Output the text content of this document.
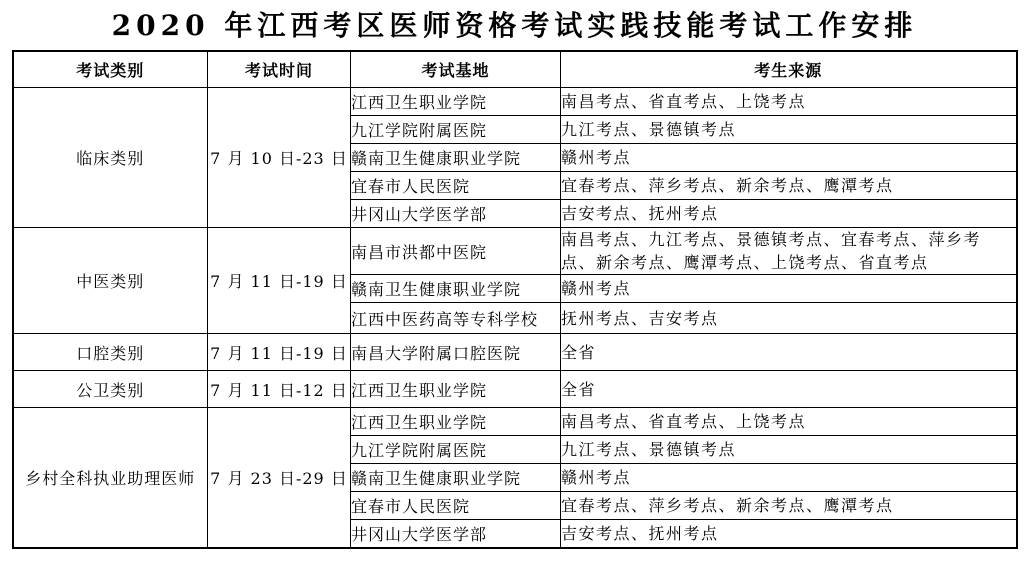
2020 年江西考区医师资格考试实践技能考试工作安排
考试类别	考试时间	考试基地	考生来源
临床类别	7 月 10 日-23 日	江西卫生职业学院	南昌考点、省直考点、上饶考点
		九江学院附属医院	九江考点、景德镇考点
		赣南卫生健康职业学院	赣州考点
		宜春市人民医院	宜春考点、萍乡考点、新余考点、鹰潭考点
		井冈山大学医学部	吉安考点、抚州考点
中医类别	7 月 11 日-19 日	南昌市洪都中医院	南昌考点、九江考点、景德镇考点、宜春考点、萍乡考点、新余考点、鹰潭考点、上饶考点、省直考点
		赣南卫生健康职业学院	赣州考点
		江西中医药高等专科学校	抚州考点、吉安考点
口腔类别	7 月 11 日-19 日	南昌大学附属口腔医院	全省
公卫类别	7 月 11 日-12 日	江西卫生职业学院	全省
乡村全科执业助理医师	7 月 23 日-29 日	江西卫生职业学院	南昌考点、省直考点、上饶考点
		九江学院附属医院	九江考点、景德镇考点
		赣南卫生健康职业学院	赣州考点
		宜春市人民医院	宜春考点、萍乡考点、新余考点、鹰潭考点
		井冈山大学医学部	吉安考点、抚州考点
